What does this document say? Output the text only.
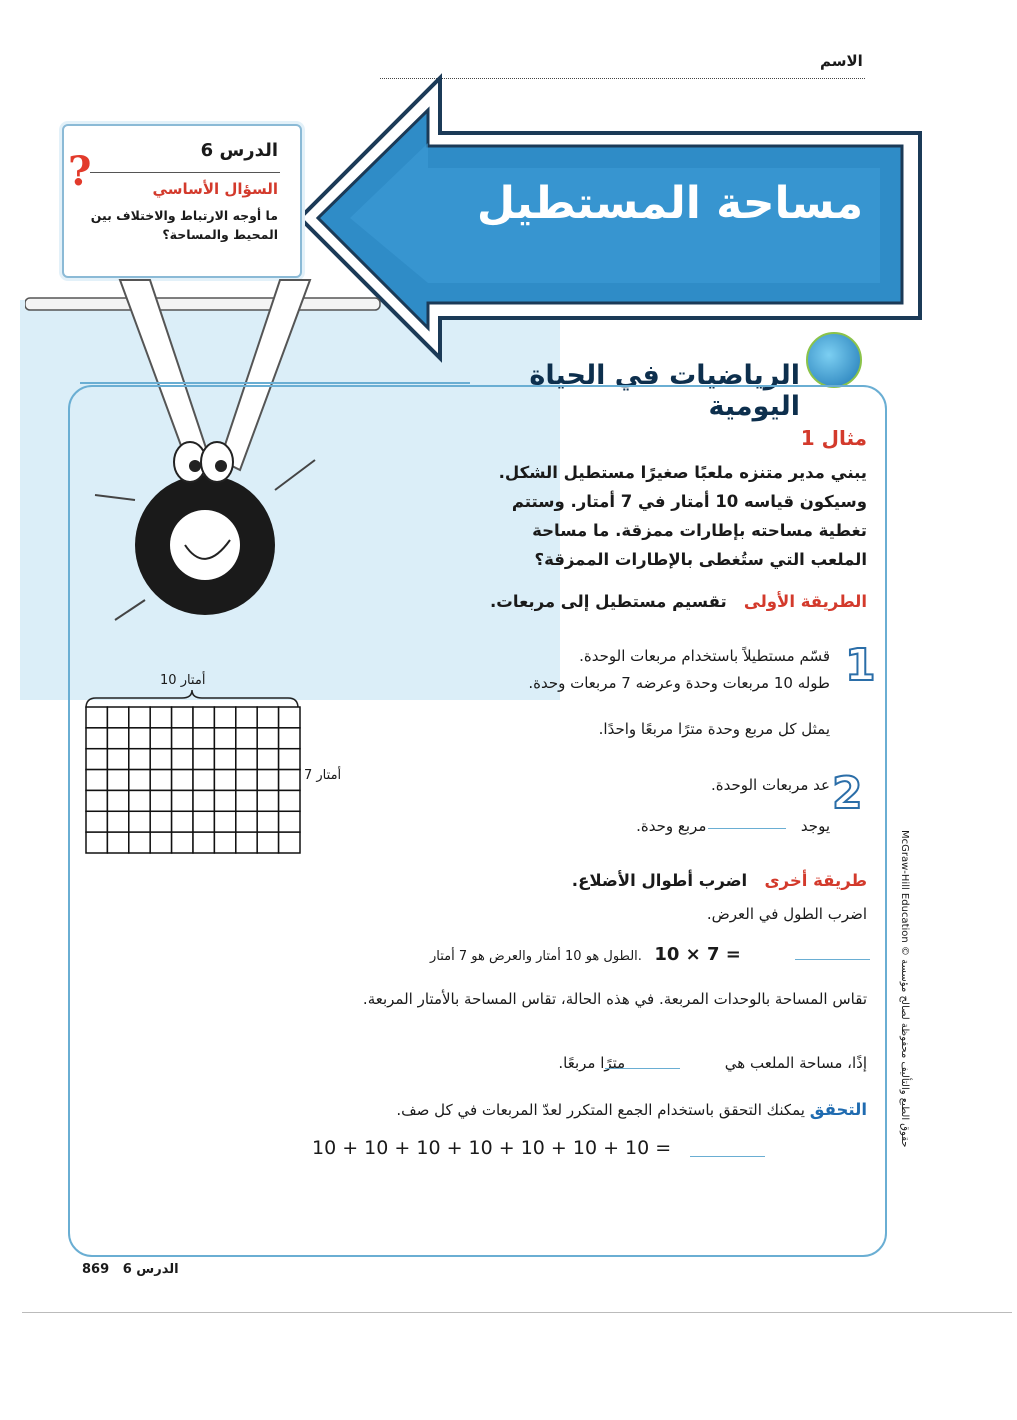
الاسم
مساحة المستطيل
الدرس 6
السؤال الأساسي
ما أوجه الارتباط والاختلاف بين المحيط والمساحة؟
?
الرياضيات في الحياة اليومية
مثال 1
يبني مدير متنزه ملعبًا صغيرًا مستطيل الشكل. وسيكون قياسه 10 أمتار في 7 أمتار. وستتم تغطية مساحته بإطارات ممزقة. ما مساحة الملعب التي ستُغطى بالإطارات الممزقة؟
الطريقة الأولى   تقسيم مستطيل إلى مربعات.
1
قسّم مستطيلاً باستخدام مربعات الوحدة.
طوله 10 مربعات وحدة وعرضه 7 مربعات وحدة.
يمثل كل مربع وحدة مترًا مربعًا واحدًا.
2
عد مربعات الوحدة.
يوجد  مربع وحدة.
10 أمتار
7 أمتار
طريقة أخرى   اضرب أطوال الأضلاع.
اضرب الطول في العرض.
الطول هو 10 أمتار والعرض هو 7 أمتار. 10 × 7 =
تقاس المساحة بالوحدات المربعة. في هذه الحالة، تقاس المساحة بالأمتار المربعة.
إذًا، مساحة الملعب هي  مترًا مربعًا.
التحقق يمكنك التحقق باستخدام الجمع المتكرر لعدّ المربعات في كل صف.
10 + 10 + 10 + 10 + 10 + 10 + 10 =
869 الدرس 6
McGraw-Hill Education © حقوق الطبع والتأليف محفوظة لصالح مؤسسة
